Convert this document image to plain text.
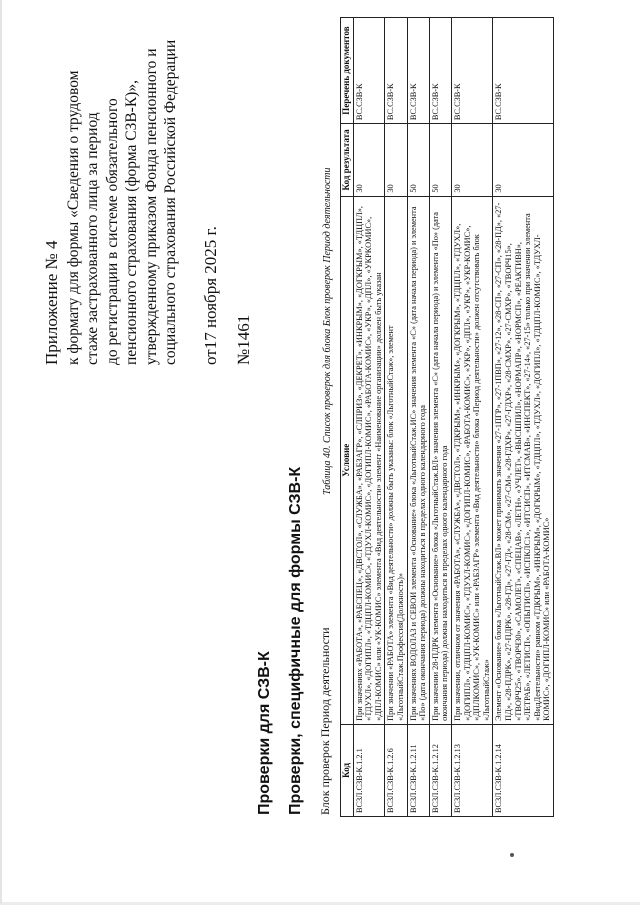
Приложение № 4 к формату для формы «Сведения о трудовом стаже застрахованного лица за период до регистрации в системе обязательного пенсионного страхования (форма СЗВ-К)», утвержденному приказом Фонда пенсионного и социального страхования Российской Федерации от17 ноября 2025 г. №1461
Проверки для СЗВ-К Проверки, специфичные для формы СЗВ-К Блок проверок Период деятельности
Таблица 40. Список проверок для блока Блок проверок Период деятельности
Код	Условие	Код результата	Перечень документов
ВСЗЛ.СЗВ-К.1.2.1	При значениях «РАБОТА», «РАБСПЕЦ», «ДВСТОЛ», «СЛУЖБА», «РАБЗАГР», «СЛПРИЗ», «ДЕКРЕТ», «ИНКРЫМ», «ДОГКРЫМ», «ТДЦПЛ», «ТДУХЛ», «ДОГИПЛ», «ТДЦПЛ-КОМИС», «ТДУХЛ-КОМИС», «ДОГИПЛ-КОМИС», «РАБОТА-КОМИС», «УКР», «ДПЛ», «УКРКОМИС», «ДПЛ-КОМИС» или «УК-КОМИС» элемента «Вид деятельности» элемент «Наименование организации» должен быть указан	30	ВС.СЗВ-К
ВСЗЛ.СЗВ-К.1.2.6	При значении «РАБОТА» элемента «Вид деятельности» должны быть указаны: блок «ЛьготныйСтаж», элемент «ЛьготныйСтаж.Профессия(Должность)»	30	ВС.СЗВ-К
ВСЗЛ.СЗВ-К.1.2.11	При значениях ВОДОЛАЗ и СЕВОИ элемента «Основание» блока «ЛьготныйСтаж.ИС» значения элемента «С» (дата начала периода) и элемента «По» (дата окончания периода) должны находиться в пределах одного календарного года	50	ВС.СЗВ-К
ВСЗЛ.СЗВ-К.1.2.12	При значении 28-ПДРК элемента «Основание» блока «ЛьготныйСтаж.ВЛ» значения элемента «С» (дата начала периода) и элемента «По» (дата окончания периода) должны находиться в пределах одного календарного года	50	ВС.СЗВ-К
ВСЗЛ.СЗВ-К.1.2.13	При значении, отличном от значения «РАБОТА», «СЛУЖБА», «ДВСТОЛ», «ТДКРЫМ», «ИНКРЫМ», «ДОГКРЫМ», «ТДЦПЛ», «ТДУХЛ», «ДОГИПЛ», «ТДЦПЛ-КОМИС», «ТДУХЛ-КОМИС», «ДОГИПЛ-КОМИС», «РАБОТА-КОМИС», «УКР», «ДПЛ», «УКР», «УКР-КОМИС», «ДПЛКОМИС», «УК-КОМИС» или «РАБЗАГР» элемента «Вид деятельности» блока «Период деятельности» должен отсутствовать блок «ЛьготныйСтаж»	30	ВС.СЗВ-К
ВСЗЛ.СЗВ-К.1.2.14	Элемент «Основание» блока «ЛьготныйСтаж.ВЛ» может принимать значения «27-1ПГР», «27-1ПВП», «27-12», «28-СП», «27-СП», «28-ПД», «27-ПД», «28-ПДРК», «27-ПДРК», «28-ГД», «27-ГД», «28-СМ», «27-СМ», «28-ГДХР», «27-ГДХР», «28-СМХР», «27-СМХР», «ТВОРЧ15», «ТВОРЧ25», «ТВОРЧ30», «САМОЛЕТ», «СПЕЦАВ», «ЛЕТН», «УЧЛЕТ», «ВЫСШПИЛ», «НОРМАПР», «НОРМСП», «РЕАКТИВН», «ЛЕТРАБ», «ЛЕТИСП», «ОПЫТИСП», «ИСПКЛС1», «ИТСИСП», «ИТСМАВ», «ИНСПЕКТ», «27-14», «27-15» только при значении элемента «ВидДеятельности» равном «ТДКРЫМ», «ИНКРЫМ», «ДОГКРЫМ», «ТДЦПЛ», «ТДУХЛ», «ДОГИПЛ», «ТДЦПЛ-КОМИС», «ТДУХЛ-КОМИС», «ДОГИПЛ-КОМИС» или «РАБОТА-КОМИС»	30	ВС.СЗВ-К
